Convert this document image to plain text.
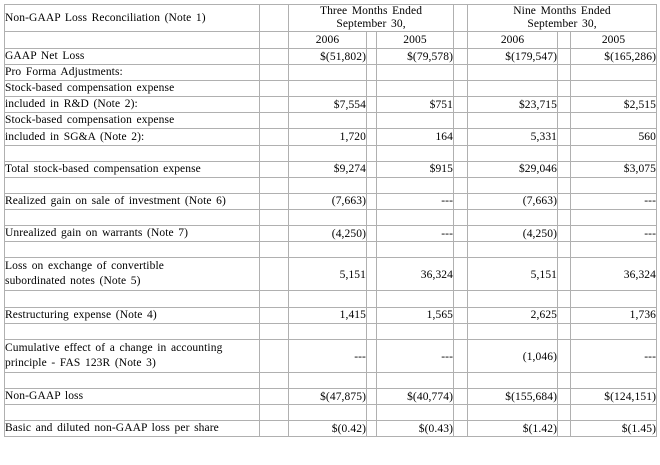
Non-GAAP Loss Reconciliation (Note 1)		Three Months Ended
September 30,				Nine Months Ended
September 30,		

		2006		2005		2006		2005

GAAP Net Loss		$(51,802)		$(79,578)		$(179,547)		$(165,286)

Pro Forma Adjustments:								

Stock-based compensation expense								

included in R&D (Note 2):		$7,554		$751		$23,715		$2,515

Stock-based compensation expense								

included in SG&A (Note 2):		1,720		164		5,331		560

Total stock-based compensation expense		$9,274		$915		$29,046		$3,075

Realized gain on sale of investment (Note 6)		(7,663)		---		(7,663)		---

Unrealized gain on warrants (Note 7)		(4,250)		---		(4,250)		---

Loss on exchange of convertible
subordinated notes (Note 5)		5,151		36,324		5,151		36,324

Restructuring expense (Note 4)		1,415		1,565		2,625		1,736

Cumulative effect of a change in accounting
principle - FAS 123R (Note 3)		---		---		(1,046)		---

Non-GAAP loss		$(47,875)		$(40,774)		$(155,684)		$(124,151)

Basic and diluted non-GAAP loss per share		$(0.42)		$(0.43)		$(1.42)		$(1.45)
